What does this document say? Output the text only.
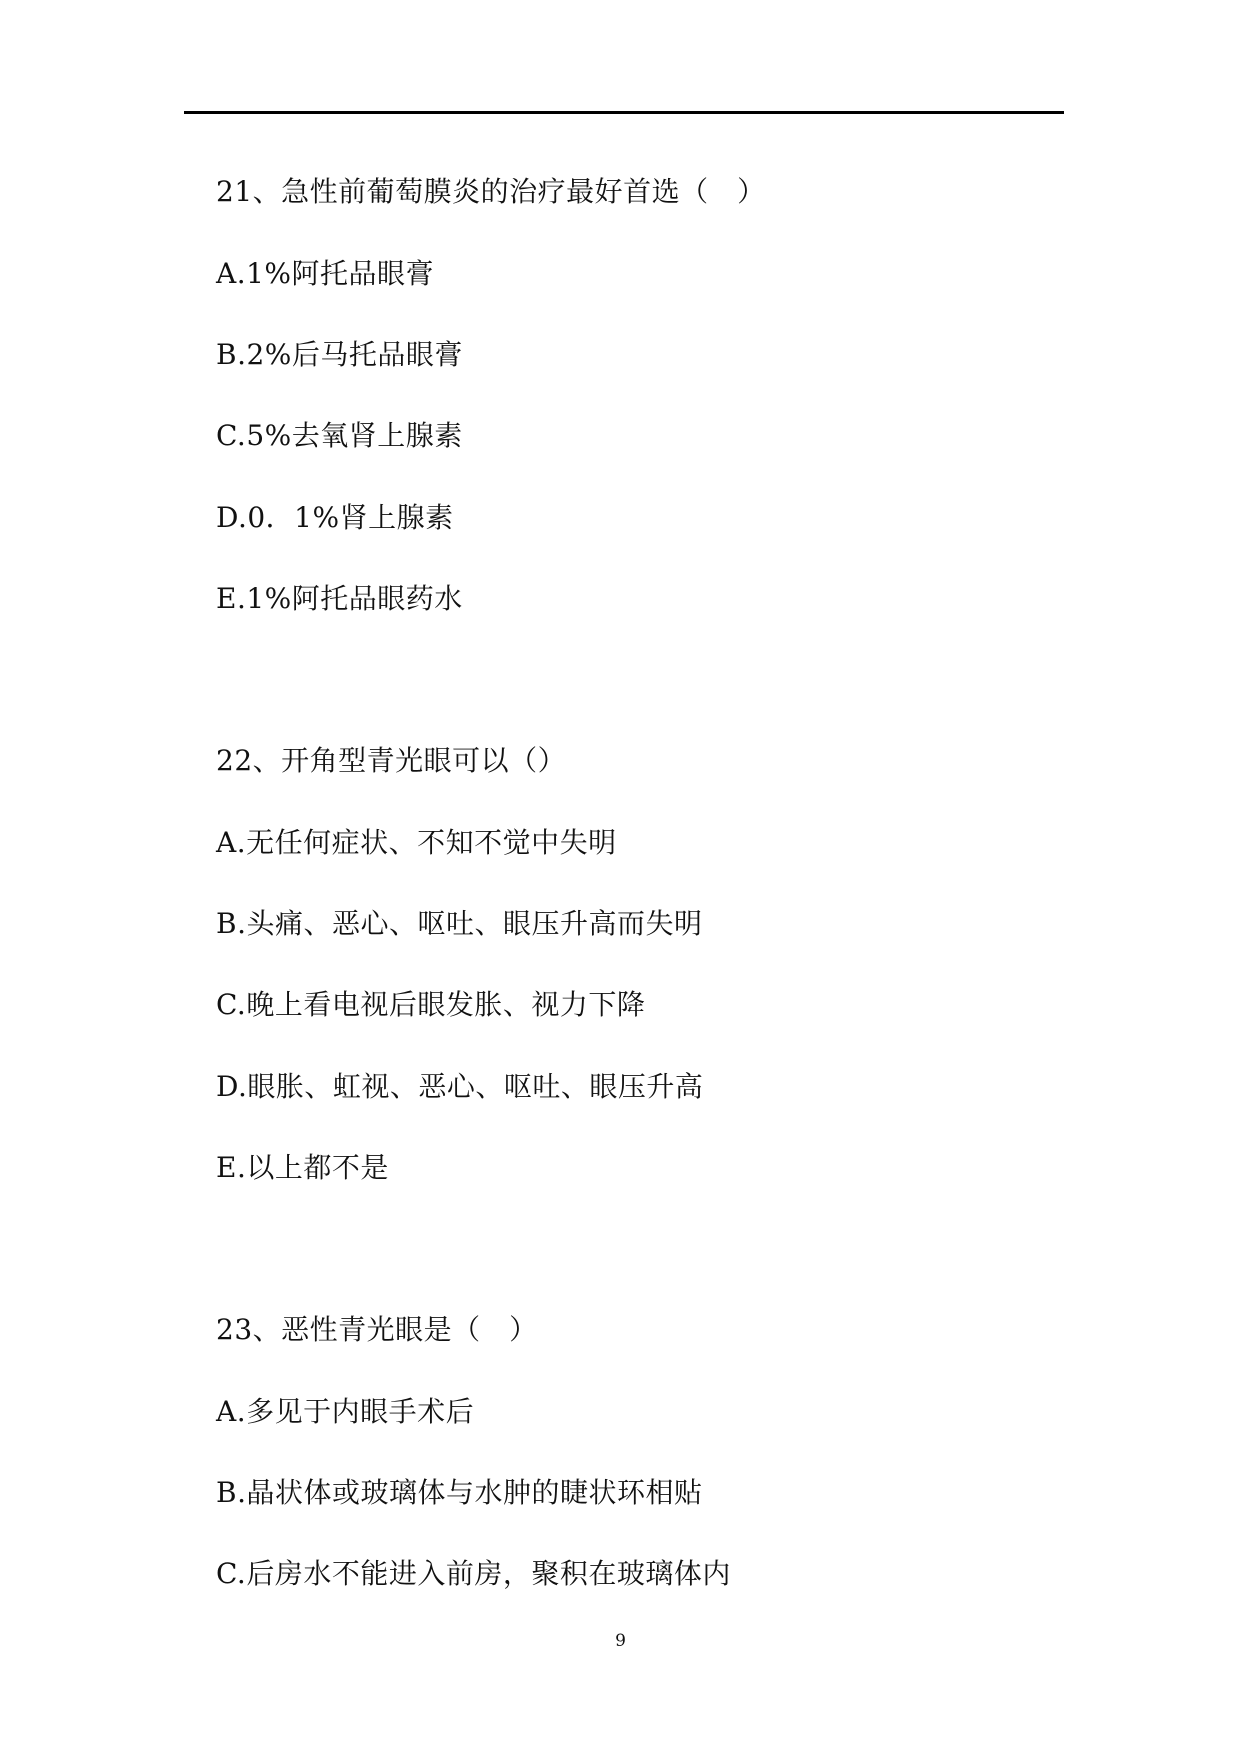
21、急性前葡萄膜炎的治疗最好首选（　）
A.1%阿托品眼膏
B.2%后马托品眼膏
C.5%去氧肾上腺素
D.0．1%肾上腺素
E.1%阿托品眼药水
22、开角型青光眼可以（）
A.无任何症状、不知不觉中失明
B.头痛、恶心、呕吐、眼压升高而失明
C.晚上看电视后眼发胀、视力下降
D.眼胀、虹视、恶心、呕吐、眼压升高
E.以上都不是
23、恶性青光眼是（　）
A.多见于内眼手术后
B.晶状体或玻璃体与水肿的睫状环相贴
C.后房水不能进入前房，聚积在玻璃体内
9
